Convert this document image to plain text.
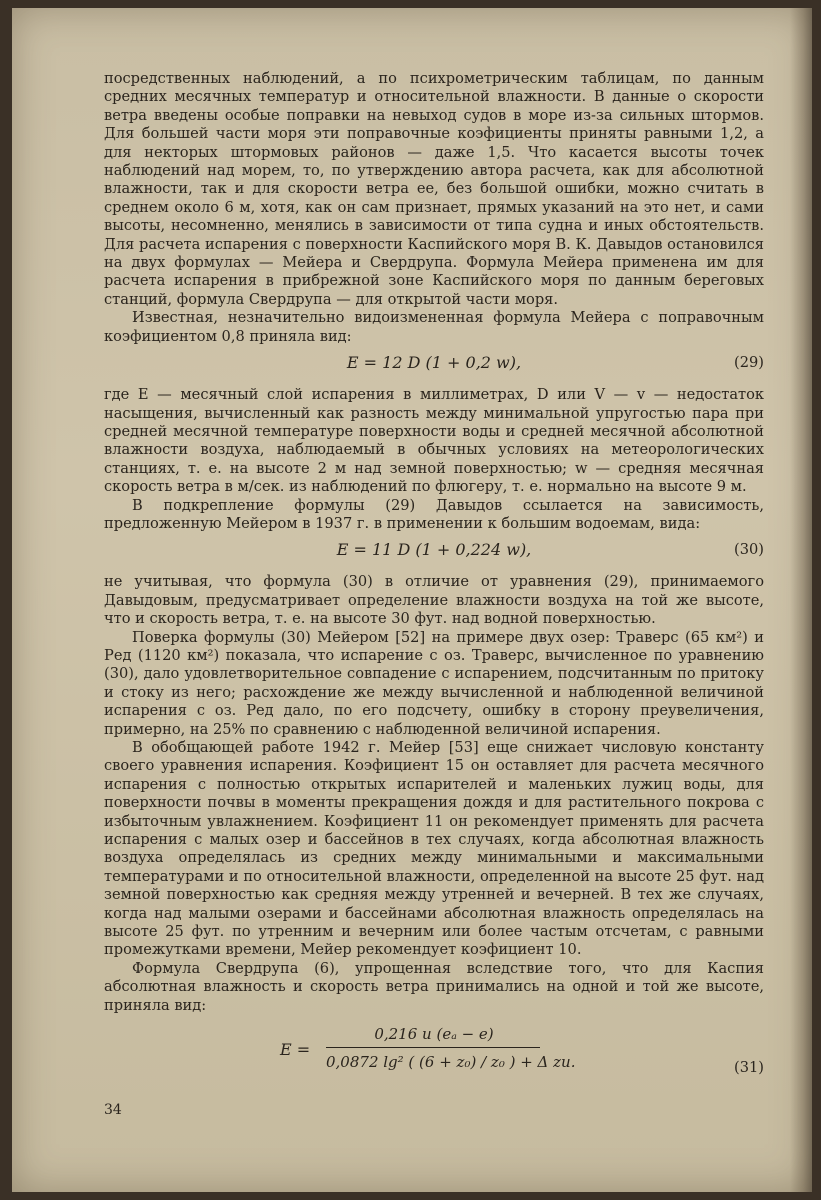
посредственных наблюдений, а по психрометрическим таблицам, по данным средних месячных температур и относительной влажности. В данные о скорости ветра введены особые поправки на невыход судов в море из-за сильных штормов. Для большей части моря эти поправочные коэфициенты приняты равными 1,2, а для некторых штормовых районов — даже 1,5. Что касается высоты точек наблюдений над морем, то, по утверждению автора расчета, как для абсолютной влажности, так и для скорости ветра ее, без большой ошибки, можно считать в среднем около 6 м, хотя, как он сам признает, прямых указаний на это нет, и сами высоты, несомненно, менялись в зависимости от типа судна и иных обстоятельств. Для расчета испарения с поверхности Каспийского моря В. К. Давыдов остановился на двух формулах — Мейера и Свердрупа. Формула Мейера применена им для расчета испарения в прибрежной зоне Каспийского моря по данным береговых станций, формула Свердрупа — для открытой части моря.

Известная, незначительно видоизмененная формула Мейера с поправочным коэфициентом 0,8 приняла вид:

E = 12 D (1 + 0,2 w),	(29)

где E — месячный слой испарения в миллиметрах, D или V — v — недостаток насыщения, вычисленный как разность между минимальной упругостью пара при средней месячной температуре поверхности воды и средней месячной абсолютной влажности воздуха, наблюдаемый в обычных условиях на метеорологических станциях, т. е. на высоте 2 м над земной поверхностью; w — средняя месячная скорость ветра в м/сек. из наблюдений по флюгеру, т. е. нормально на высоте 9 м.

В подкрепление формулы (29) Давыдов ссылается на зависимость, предложенную Мейером в 1937 г. в применении к большим водоемам, вида:

E = 11 D (1 + 0,224 w),	(30)

не учитывая, что формула (30) в отличие от уравнения (29), принимаемого Давыдовым, предусматривает определение влажности воздуха на той же высоте, что и скорость ветра, т. е. на высоте 30 фут. над водной поверхностью.

Поверка формулы (30) Мейером [52] на примере двух озер: Траверс (65 км²) и Ред (1120 км²) показала, что испарение с оз. Траверс, вычисленное по уравнению (30), дало удовлетворительное совпадение с испарением, подсчитанным по притоку и стоку из него; расхождение же между вычисленной и наблюденной величиной испарения с оз. Ред дало, по его подсчету, ошибку в сторону преувеличения, примерно, на 25% по сравнению с наблюденной величиной испарения.

В обобщающей работе 1942 г. Мейер [53] еще снижает числовую константу своего уравнения испарения. Коэфициент 15 он оставляет для расчета месячного испарения с полностью открытых испарителей и маленьких лужиц воды, для поверхности почвы в моменты прекращения дождя и для растительного покрова с избыточным увлажнением. Коэфициент 11 он рекомендует применять для расчета испарения с малых озер и бассейнов в тех случаях, когда абсолютная влажность воздуха определялась из средних между минимальными и максимальными температурами и по относительной влажности, определенной на высоте 25 фут. над земной поверхностью как средняя между утренней и вечерней. В тех же случаях, когда над малыми озерами и бассейнами абсолютная влажность определялась на высоте 25 фут. по утренним и вечерним или более частым отсчетам, с равными промежутками времени, Мейер рекомендует коэфициент 10.

Формула Свердрупа (6), упрощенная вследствие того, что для Каспия абсолютная влажность и скорость ветра принимались на одной и той же высоте, приняла вид:

E =
0,216 u (eₐ − e)
0,0872 lg² ( (6 + z₀) / z₀ ) + Δ zu.	(31)
34
